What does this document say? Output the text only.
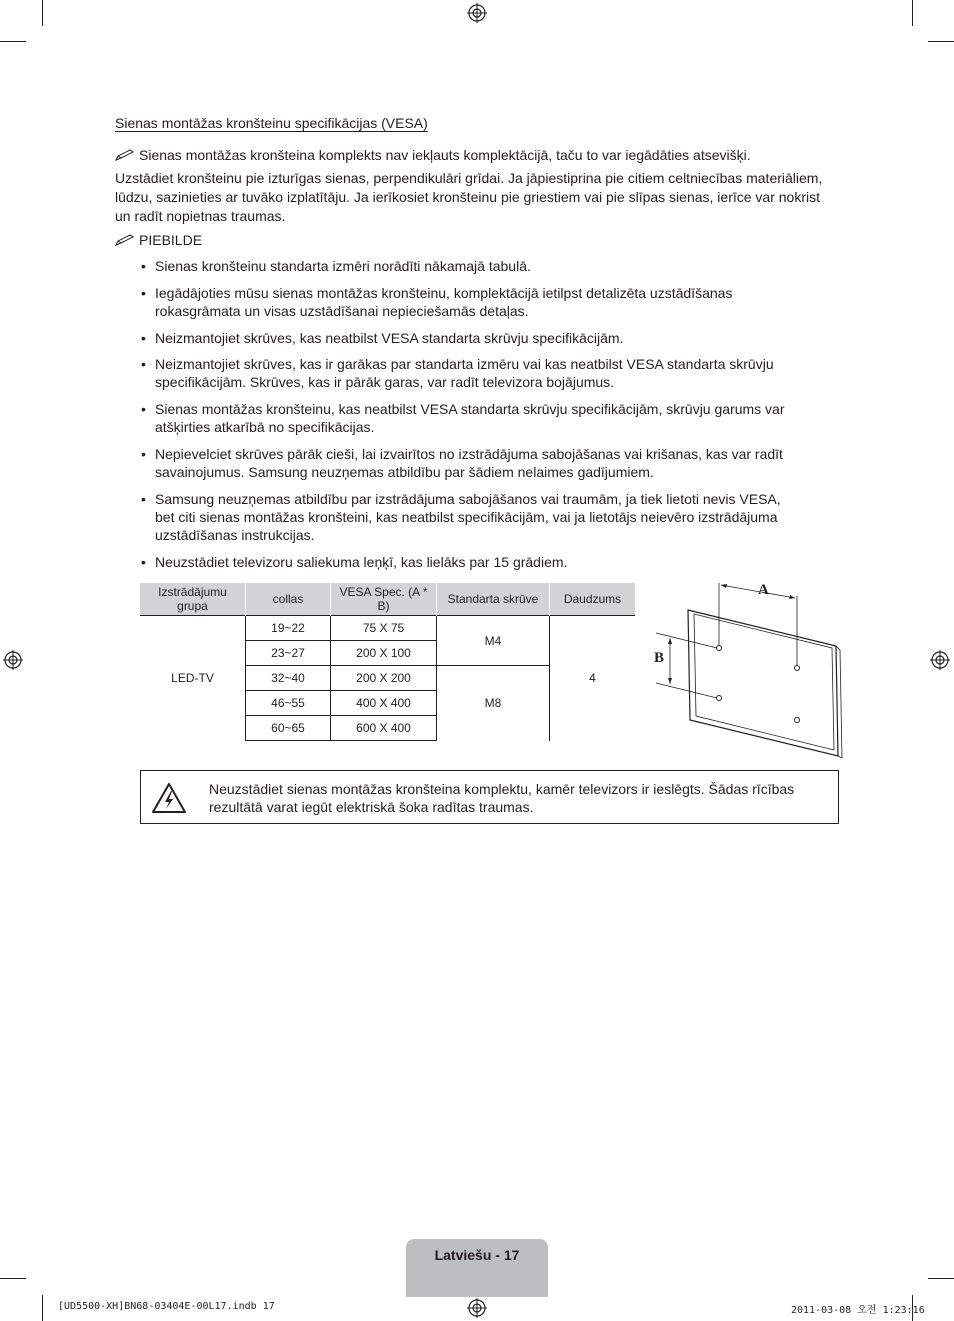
Sienas montāžas kronšteinu specifikācijas (VESA)
Sienas montāžas kronšteina komplekts nav iekļauts komplektācijā, taču to var iegādāties atsevišķi.
Uzstādiet kronšteinu pie izturīgas sienas, perpendikulāri grīdai. Ja jāpiestiprina pie citiem celtniecības materiāliem,
lūdzu, sazinieties ar tuvāko izplatītāju. Ja ierīkosiet kronšteinu pie griestiem vai pie slīpas sienas, ierīce var nokrist
un radīt nopietnas traumas.
PIEBILDE
• Sienas kronšteinu standarta izmēri norādīti nākamajā tabulā.
• Iegādājoties mūsu sienas montāžas kronšteinu, komplektācijā ietilpst detalizēta uzstādīšanas
rokasgrāmata un visas uzstādīšanai nepieciešamās detaļas.
• Neizmantojiet skrūves, kas neatbilst VESA standarta skrūvju specifikācijām.
• Neizmantojiet skrūves, kas ir garākas par standarta izmēru vai kas neatbilst VESA standarta skrūvju
specifikācijām. Skrūves, kas ir pārāk garas, var radīt televizora bojājumus.
• Sienas montāžas kronšteinu, kas neatbilst VESA standarta skrūvju specifikācijām, skrūvju garums var
atšķirties atkarībā no specifikācijas.
• Nepievelciet skrūves pārāk cieši, lai izvairītos no izstrādājuma sabojāšanas vai krišanas, kas var radīt
savainojumus. Samsung neuzņemas atbildību par šādiem nelaimes gadījumiem.
• Samsung neuzņemas atbildību par izstrādājuma sabojāšanos vai traumām, ja tiek lietoti nevis VESA,
bet citi sienas montāžas kronšteini, kas neatbilst specifikācijām, vai ja lietotājs neievēro izstrādājuma
uzstādīšanas instrukcijas.
• Neuzstādiet televizoru saliekuma leņķī, kas lielāks par 15 grādiem.
Izstrādājumu grupa	collas	VESA Spec. (A * B)	Standarta skrūve	Daudzums
LED-TV	19~22	75 X 75	M4	4
	23~27	200 X 100		
	32~40	200 X 200	M8	
	46~55	400 X 400		
	60~65	600 X 400		
A
B
Neuzstādiet sienas montāžas kronšteina komplektu, kamēr televizors ir ieslēgts. Šādas rīcības
rezultātā varat iegūt elektriskā šoka radītas traumas.
Latviešu - 17
[UD5500-XH]BN68-03404E-00L17.indb 17	2011-03-08 오전 1:23:16
